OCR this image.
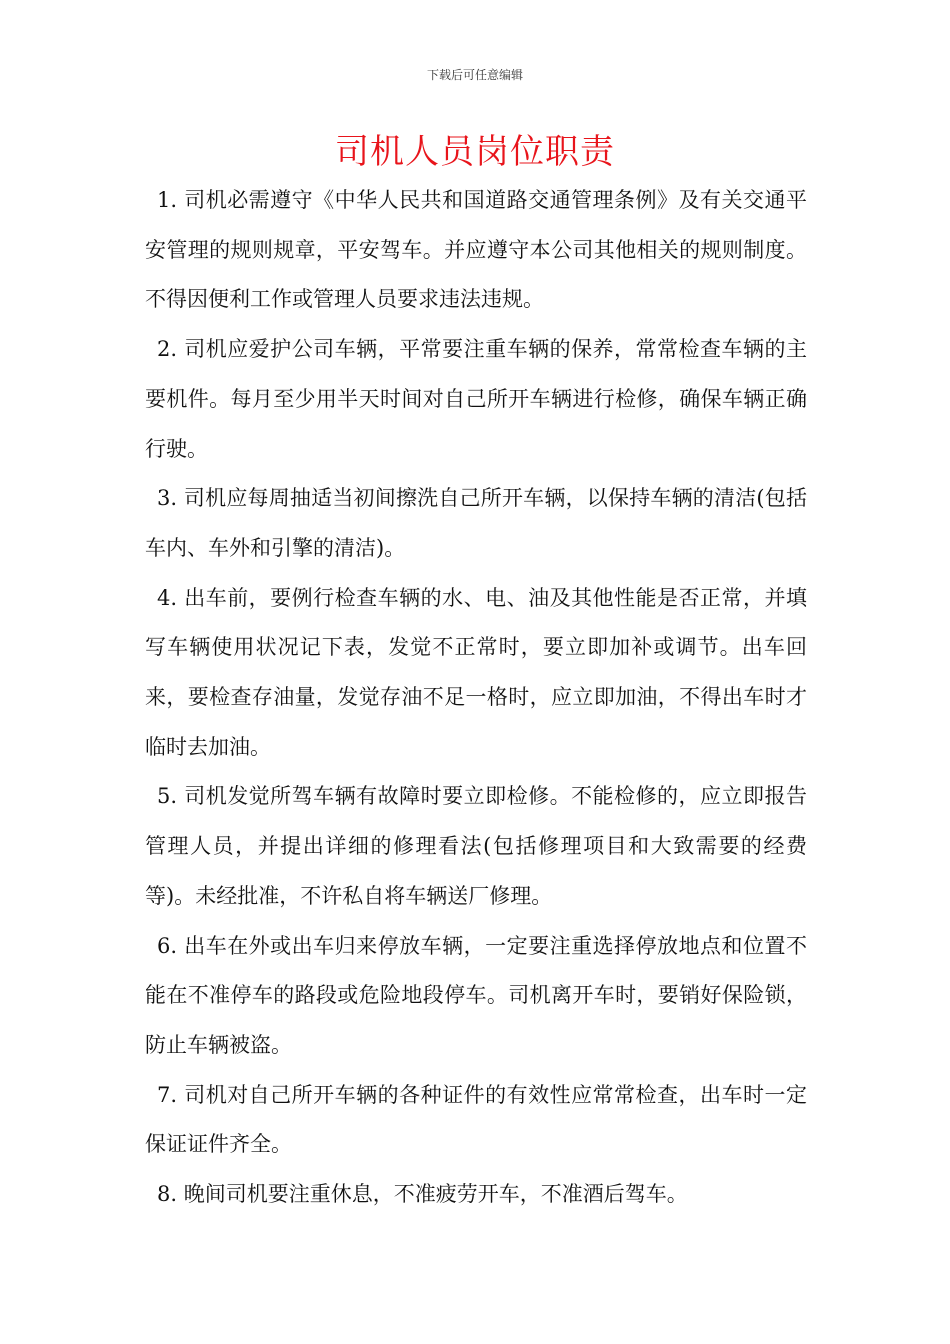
下载后可任意编辑
司机人员岗位职责

1. 司机必需遵守《中华人民共和国道路交通管理条例》及有关交通平安管理的规则规章，平安驾车。并应遵守本公司其他相关的规则制度。不得因便利工作或管理人员要求违法违规。

2. 司机应爱护公司车辆，平常要注重车辆的保养，常常检查车辆的主要机件。每月至少用半天时间对自己所开车辆进行检修，确保车辆正确行驶。

3. 司机应每周抽适当初间擦洗自己所开车辆，以保持车辆的清洁(包括车内、车外和引擎的清洁)。

4. 出车前，要例行检查车辆的水、电、油及其他性能是否正常，并填写车辆使用状况记下表，发觉不正常时，要立即加补或调节。出车回来，要检查存油量，发觉存油不足一格时，应立即加油，不得出车时才临时去加油。

5. 司机发觉所驾车辆有故障时要立即检修。不能检修的，应立即报告管理人员，并提出详细的修理看法(包括修理项目和大致需要的经费等)。未经批准，不许私自将车辆送厂修理。

6. 出车在外或出车归来停放车辆，一定要注重选择停放地点和位置不能在不准停车的路段或危险地段停车。司机离开车时，要销好保险锁，防止车辆被盗。

7. 司机对自己所开车辆的各种证件的有效性应常常检查，出车时一定保证证件齐全。

8. 晚间司机要注重休息，不准疲劳开车，不准酒后驾车。
